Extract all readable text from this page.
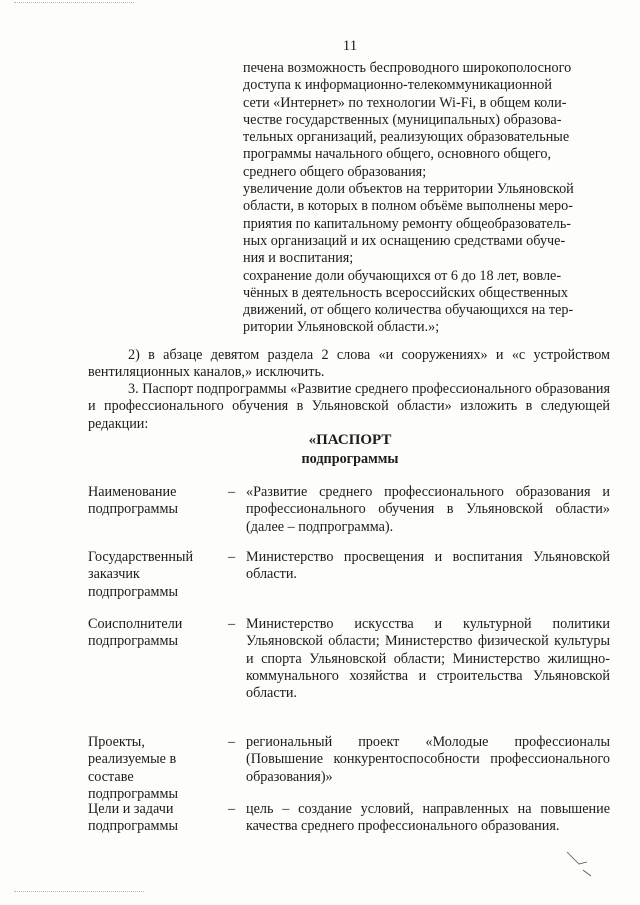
11
печена возможность беспроводного широкополосного
доступа к информационно-телекоммуникационной
сети «Интернет» по технологии Wi-Fi, в общем коли-
честве государственных (муниципальных) образова-
тельных организаций, реализующих образовательные
программы начального общего, основного общего,
среднего общего образования;
увеличение доли объектов на территории Ульяновской
области, в которых в полном объёме выполнены меро-
приятия по капитальному ремонту общеобразователь-
ных организаций и их оснащению средствами обуче-
ния и воспитания;
сохранение доли обучающихся от 6 до 18 лет, вовле-
чённых в деятельность всероссийских общественных
движений, от общего количества обучающихся на тер-
ритории Ульяновской области.»;
2) в абзаце девятом раздела 2 слова «и сооружениях» и «с устройством вентиляционных каналов,» исключить.
3. Паспорт подпрограммы «Развитие среднего профессионального образования и профессионального обучения в Ульяновской области» изложить в следующей редакции:
«ПАСПОРТ
подпрограммы
Наименование подпрограммы
– «Развитие среднего профессионального образования и профессионального обучения в Ульяновской области» (далее – подпрограмма).
Государственный заказчик подпрограммы
– Министерство просвещения и воспитания Ульяновской области.
Соисполнители подпрограммы
– Министерство искусства и культурной политики Ульяновской области; Министерство физической культуры и спорта Ульяновской области; Министерство жилищно-коммунального хозяйства и строительства Ульяновской области.
Проекты, реализуемые в составе подпрограммы
– региональный проект «Молодые профессионалы (Повышение конкурентоспособности профессионального образования)»
Цели и задачи подпрограммы
– цель – создание условий, направленных на повышение качества среднего профессионального образования.
